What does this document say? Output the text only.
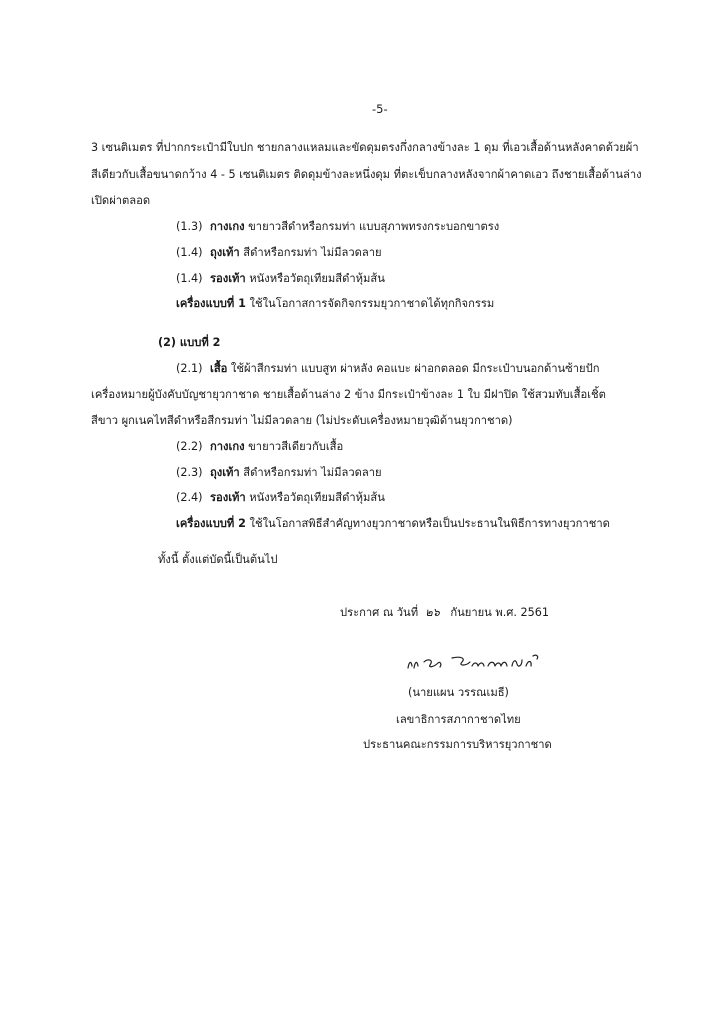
-5-
3 เซนติเมตร ที่ปากกระเป๋ามีใบปก ชายกลางแหลมและขัดดุมตรงกึ่งกลางข้างละ 1 ดุม ที่เอวเสื้อด้านหลังคาดด้วยผ้า
สีเดียวกับเสื้อขนาดกว้าง 4 - 5 เซนติเมตร ติดดุมข้างละหนึ่งดุม ที่ตะเข็บกลางหลังจากผ้าคาดเอว ถึงชายเสื้อด้านล่าง
เปิดผ่าตลอด
(1.3) กางเกง ขายาวสีดำหรือกรมท่า แบบสุภาพทรงกระบอกขาตรง
(1.4) ถุงเท้า สีดำหรือกรมท่า ไม่มีลวดลาย
(1.4) รองเท้า หนังหรือวัตถุเทียมสีดำหุ้มส้น
เครื่องแบบที่ 1 ใช้ในโอกาสการจัดกิจกรรมยุวกาชาดได้ทุกกิจกรรม
(2) แบบที่ 2
(2.1) เสื้อ ใช้ผ้าสีกรมท่า แบบสูท ผ่าหลัง คอแบะ ผ่าอกตลอด มีกระเป๋าบนอกด้านซ้ายปัก
เครื่องหมายผู้บังคับบัญชายุวกาชาด ชายเสื้อด้านล่าง 2 ข้าง มีกระเป๋าข้างละ 1 ใบ มีฝาปิด ใช้สวมทับเสื้อเชิ้ต
สีขาว ผูกเนคไทสีดำหรือสีกรมท่า ไม่มีลวดลาย (ไม่ประดับเครื่องหมายวุฒิด้านยุวกาชาด)
(2.2) กางเกง ขายาวสีเดียวกับเสื้อ
(2.3) ถุงเท้า สีดำหรือกรมท่า ไม่มีลวดลาย
(2.4) รองเท้า หนังหรือวัตถุเทียมสีดำหุ้มส้น
เครื่องแบบที่ 2 ใช้ในโอกาสพิธีสำคัญทางยุวกาชาดหรือเป็นประธานในพิธีการทางยุวกาชาด
ทั้งนี้ ตั้งแต่บัดนี้เป็นต้นไป
ประกาศ ณ วันที่ ๒๖ กันยายน พ.ศ. 2561
(นายแผน วรรณเมธี)
เลขาธิการสภากาชาดไทย
ประธานคณะกรรมการบริหารยุวกาชาด
